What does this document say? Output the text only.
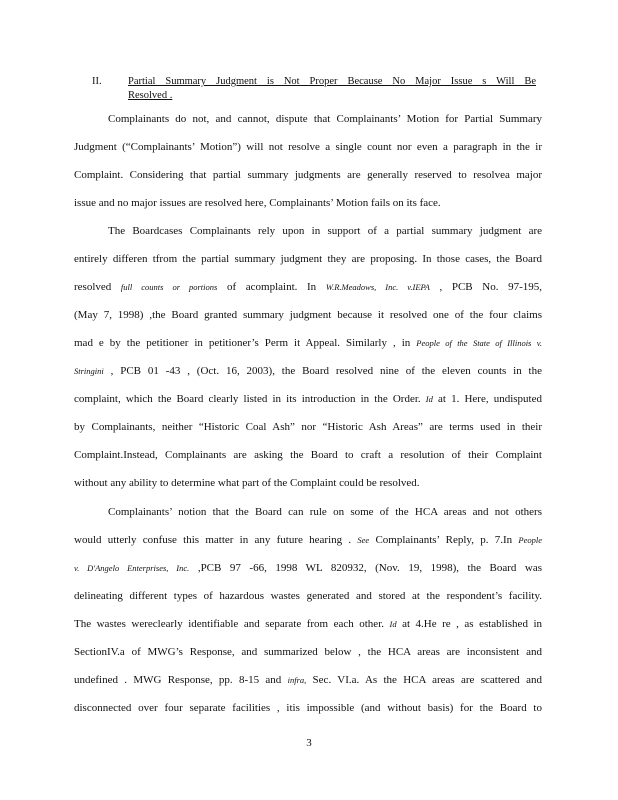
II.	Partial Summary Judgment is Not Proper Because No Major Issue s Will Be
Resolved .
Complainants do not, and cannot, dispute that Complainants’ Motion for Partial Summary
Judgment (“Complainants’ Motion”) will not resolve a single count nor even a paragraph in the ir
Complaint. Considering that partial summary judgments are generally reserved to resolvea major
issue and no major issues are resolved here, Complainants’ Motion fails on its face.
The Boardcases Complainants rely upon in support of a partial summary judgment are
entirely differen tfrom the partial summary judgment they are proposing. In those cases, the Board
resolved full counts or portions of acomplaint. In W.R.Meadows, Inc. v.IEPA , PCB No. 97-195,
(May 7, 1998) ,the Board granted summary judgment because it resolved one of the four claims
mad e by the petitioner in petitioner’s Perm it Appeal. Similarly , in People of the State of Illinois v.
Stringini , PCB 01 -43 , (Oct. 16, 2003), the Board resolved nine of the eleven counts in the
complaint, which the Board clearly listed in its introduction in the Order. Id at 1. Here, undisputed
by Complainants, neither “Historic Coal Ash” nor “Historic Ash Areas” are terms used in their
Complaint.Instead, Complainants are asking the Board to craft a resolution of their Complaint
without any ability to determine what part of the Complaint could be resolved.
Complainants’ notion that the Board can rule on some of the HCA areas and not others
would utterly confuse this matter in any future hearing . See Complainants’ Reply, p. 7.In People
v. D'Angelo Enterprises, Inc. ,PCB 97 -66, 1998 WL 820932, (Nov. 19, 1998), the Board was
delineating different types of hazardous wastes generated and stored at the respondent’s facility.
The wastes wereclearly identifiable and separate from each other. Id at 4.He re , as established in
SectionIV.a of MWG’s Response, and summarized below , the HCA areas are inconsistent and
undefined . MWG Response, pp. 8-15 and infra, Sec. VI.a. As the HCA areas are scattered and
disconnected over four separate facilities , itis impossible (and without basis) for the Board to
3
